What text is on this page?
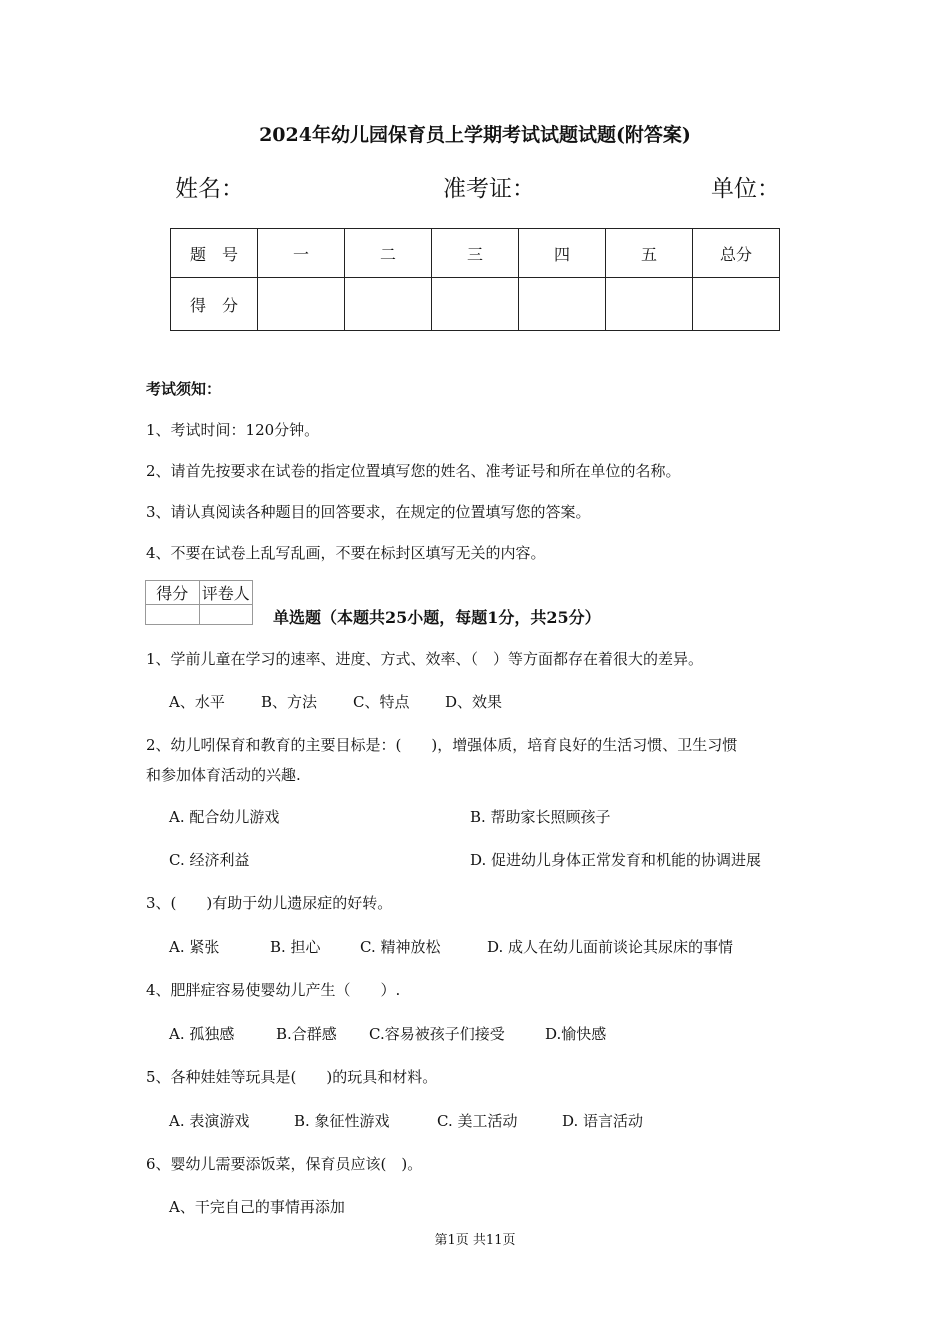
2024年幼儿园保育员上学期考试试题试题(附答案)
姓名：	准考证：	单位：
题　号	一	二	三	四	五	总分
得　分						
考试须知：
1、考试时间：120分钟。
2、请首先按要求在试卷的指定位置填写您的姓名、准考证号和所在单位的名称。
3、请认真阅读各种题目的回答要求，在规定的位置填写您的答案。
4、不要在试卷上乱写乱画，不要在标封区填写无关的内容。
得分	评卷人

单选题（本题共25小题，每题1分，共25分）
1、学前儿童在学习的速率、进度、方式、效率、（　）等方面都存在着很大的差异。
A、水平 B、方法 C、特点 D、效果
2、幼儿吲保育和教育的主要目标是：(　　)，增强体质，培育良好的生活习惯、卫生习惯
和参加体育活动的兴趣.
A. 配合幼儿游戏	B. 帮助家长照顾孩子
C. 经济利益	D. 促进幼儿身体正常发育和机能的协调进展
3、(　　)有助于幼儿遗尿症的好转。
A. 紧张	B. 担心	C. 精神放松	D. 成人在幼儿面前谈论其尿床的事情
4、肥胖症容易使婴幼儿产生（　　）.
A. 孤独感	B.合群感 C.容易被孩子们接受	D.愉快感
5、各种娃娃等玩具是(　　)的玩具和材料。
A. 表演游戏	B. 象征性游戏	C. 美工活动	D. 语言活动
6、婴幼儿需要添饭菜，保育员应该(　)。
A、干完自己的事情再添加
第1页 共11页
